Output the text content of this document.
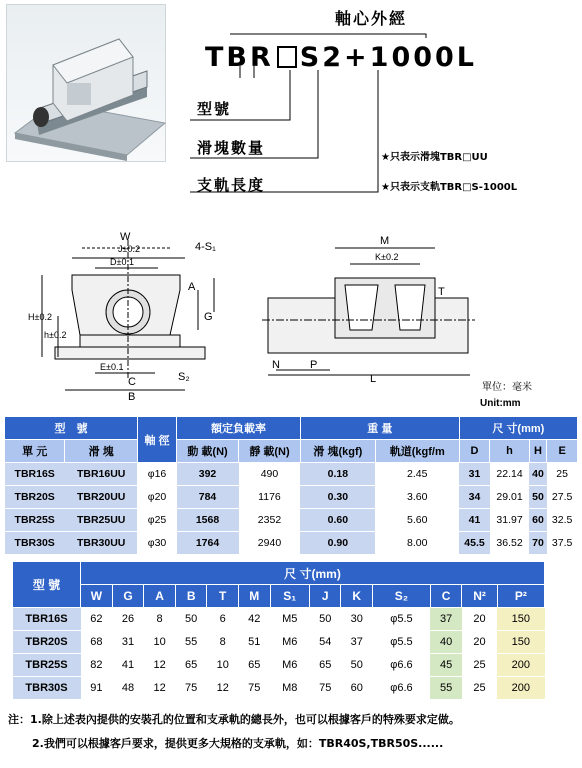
軸心外經
TBR S2+1000L
型號
滑塊數量
支軌長度
★只表示滑塊TBR□UU
★只表示支軌TBR□S-1000L
W
J±0.2
D±0.1
4-S₁
A
G
H±0.2
h±0.2
E±0.1
C
B
S₂
M
K±0.2
T
N	P
L
單位：毫米
Unit:mm
型　號		軸 徑	額定負載率		重 量		尺 寸(mm)			
單 元	滑 塊		動 載(N)	靜 載(N)	滑 塊(kgf)	軌道(kgf/m	D	h	H	E
TBR16S	TBR16UU	φ16	392	490	0.18	2.45	31	22.14	40	25
TBR20S	TBR20UU	φ20	784	1176	0.30	3.60	34	29.01	50	27.5
TBR25S	TBR25UU	φ25	1568	2352	0.60	5.60	41	31.97	60	32.5
TBR30S	TBR30UU	φ30	1764	2940	0.90	8.00	45.5	36.52	70	37.5
型 號	尺 寸(mm)												
	W	G	A	B	T	M	S₁	J	K	S₂	C	N²	P²
TBR16S	62	26	8	50	6	42	M5	50	30	φ5.5	37	20	150
TBR20S	68	31	10	55	8	51	M6	54	37	φ5.5	40	20	150
TBR25S	82	41	12	65	10	65	M6	65	50	φ6.6	45	25	200
TBR30S	91	48	12	75	12	75	M8	75	60	φ6.6	55	25	200
注：1.除上述表內提供的安裝孔的位置和支承軌的總長外，也可以根據客戶的特殊要求定做。
2.我們可以根據客戶要求，提供更多大規格的支承軌，如：TBR40S,TBR50S......
